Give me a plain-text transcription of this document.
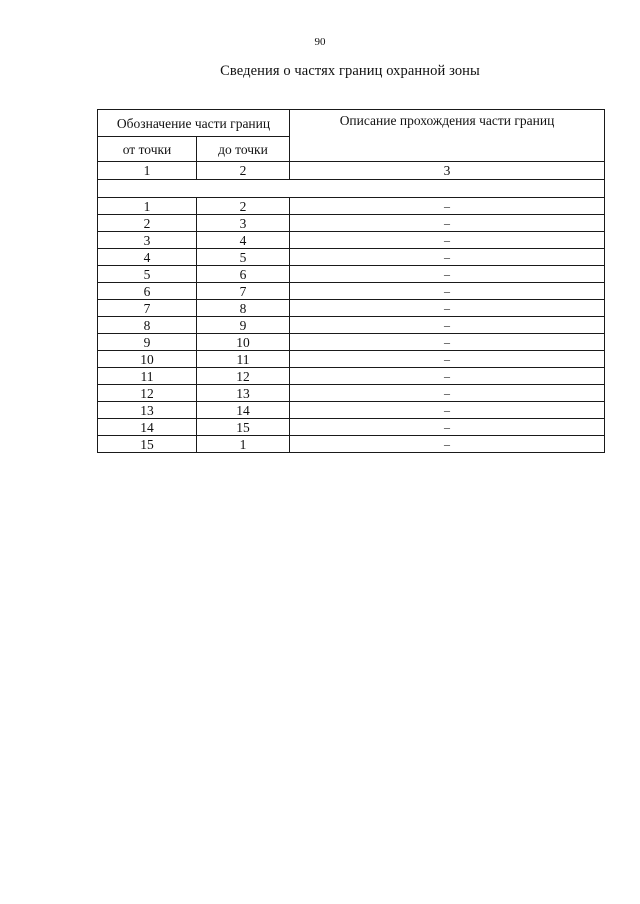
90
Сведения о частях границ охранной зоны
Обозначение части границ		Описание прохождения части границ
от точки	до точки	
1	2	3

1	2	–
2	3	–
3	4	–
4	5	–
5	6	–
6	7	–
7	8	–
8	9	–
9	10	–
10	11	–
11	12	–
12	13	–
13	14	–
14	15	–
15	1	–
